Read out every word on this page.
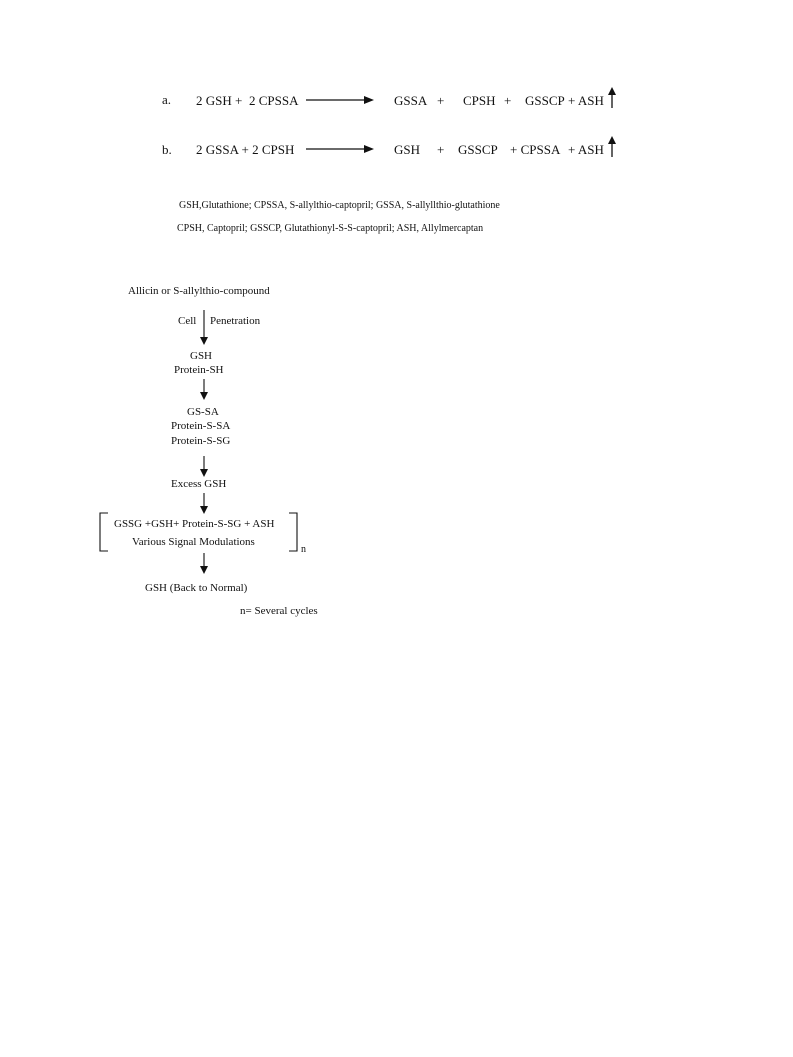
a. 2 GSH + 2 CPSSA	GSSA + CPSH + GSSCP + ASH
b. 2 GSSA + 2 CPSH	GSH + GSSCP + CPSSA + ASH
GSH,Glutathione; CPSSA, S-allylthio-captopril; GSSA, S-allyllthio-glutathione
CPSH, Captopril; GSSCP, Glutathionyl-S-S-captopril; ASH, Allylmercaptan
Allicin or S-allylthio-compound
Cell Penetration
GSH
Protein-SH
GS-SA
Protein-S-SA
Protein-S-SG
Excess GSH
GSSG +GSH+ Protein-S-SG + ASH
Various Signal Modulations
n
GSH (Back to Normal)
n= Several cycles
